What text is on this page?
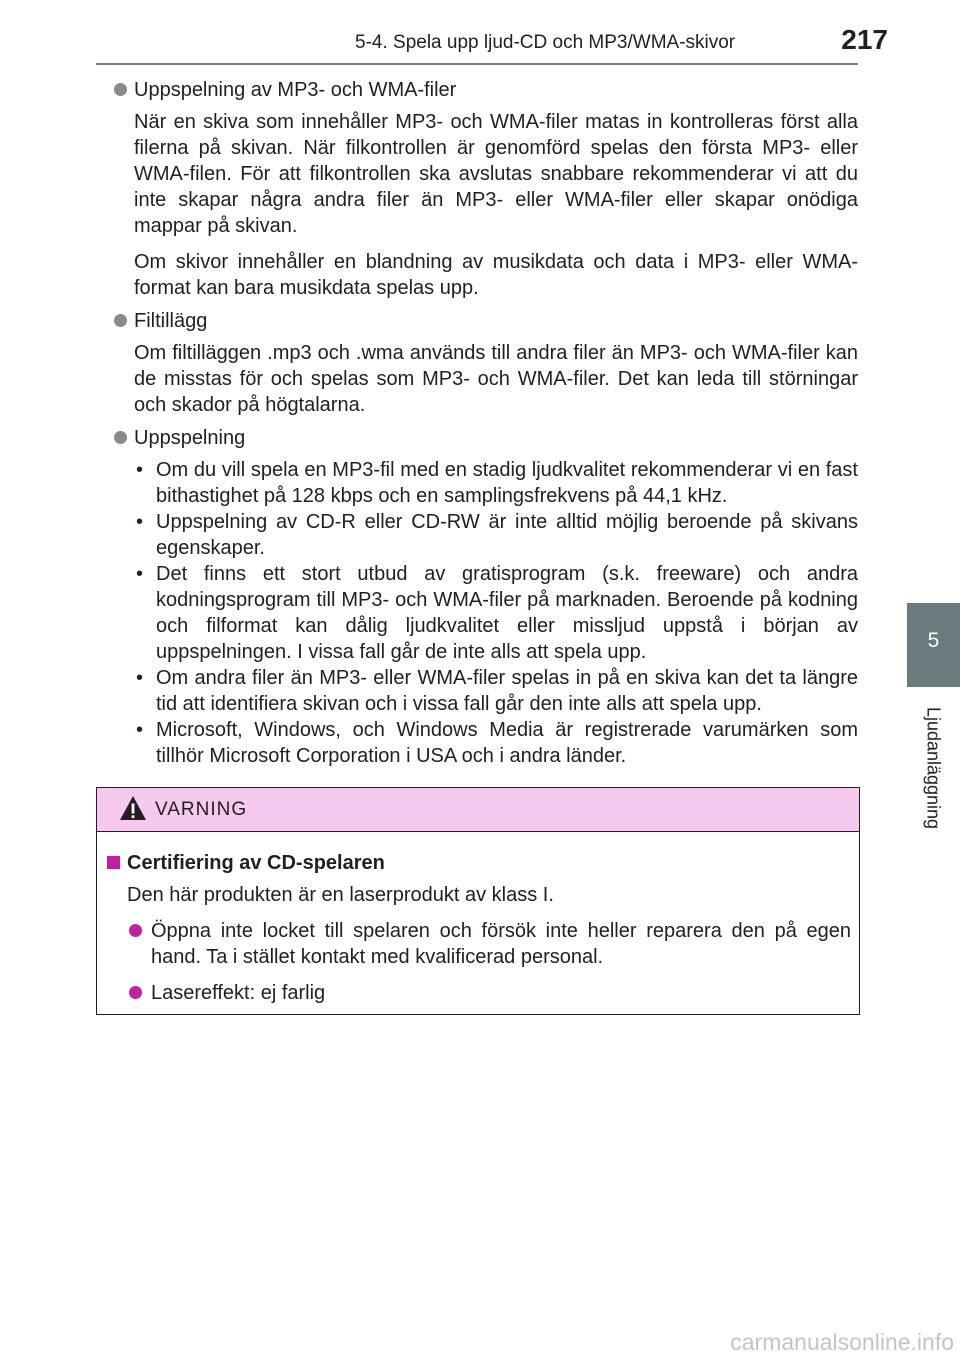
5-4. Spela upp ljud-CD och MP3/WMA-skivor	217
5
Ljudanläggning
Uppspelning av MP3- och WMA-filer
När en skiva som innehåller MP3- och WMA-filer matas in kontrolleras först alla filerna på skivan. När filkontrollen är genomförd spelas den första MP3- eller WMA-filen. För att filkontrollen ska avslutas snabbare rekommenderar vi att du inte skapar några andra filer än MP3- eller WMA-filer eller skapar onödiga mappar på skivan.
Om skivor innehåller en blandning av musikdata och data i MP3- eller WMA-format kan bara musikdata spelas upp.
Filtillägg
Om filtilläggen .mp3 och .wma används till andra filer än MP3- och WMA-filer kan de misstas för och spelas som MP3- och WMA-filer. Det kan leda till störningar och skador på högtalarna.
Uppspelning
• Om du vill spela en MP3-fil med en stadig ljudkvalitet rekommenderar vi en fast bithastighet på 128 kbps och en samplingsfrekvens på 44,1 kHz.
• Uppspelning av CD-R eller CD-RW är inte alltid möjlig beroende på skivans egenskaper.
• Det finns ett stort utbud av gratisprogram (s.k. freeware) och andra kodningsprogram till MP3- och WMA-filer på marknaden. Beroende på kodning och filformat kan dålig ljudkvalitet eller missljud uppstå i början av uppspelningen. I vissa fall går de inte alls att spela upp.
• Om andra filer än MP3- eller WMA-filer spelas in på en skiva kan det ta längre tid att identifiera skivan och i vissa fall går den inte alls att spela upp.
• Microsoft, Windows, och Windows Media är registrerade varumärken som tillhör Microsoft Corporation i USA och i andra länder.
VARNING
Certifiering av CD-spelaren
Den här produkten är en laserprodukt av klass I.
Öppna inte locket till spelaren och försök inte heller reparera den på egen hand. Ta i stället kontakt med kvalificerad personal.
Lasereffekt: ej farlig
carmanualsonline.info
